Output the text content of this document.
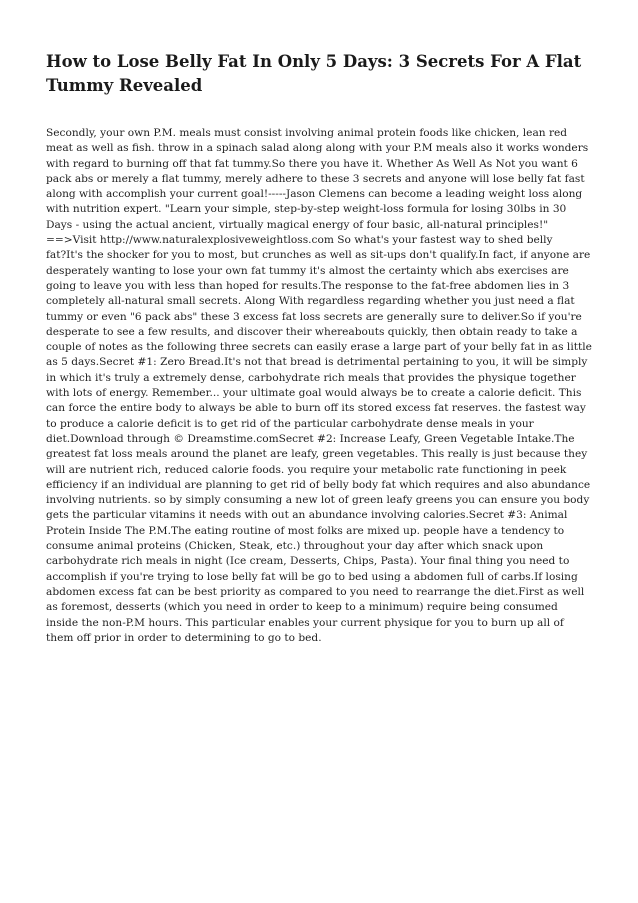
How to Lose Belly Fat In Only 5 Days: 3 Secrets For A Flat
Tummy Revealed

Secondly, your own P.M. meals must consist involving animal protein foods like chicken, lean red
meat as well as fish. throw in a spinach salad along along with your P.M meals also it works wonders
with regard to burning off that fat tummy.So there you have it. Whether As Well As Not you want 6
pack abs or merely a flat tummy, merely adhere to these 3 secrets and anyone will lose belly fat fast
along with accomplish your current goal!-----Jason Clemens can become a leading weight loss along
with nutrition expert. "Learn your simple, step-by-step weight-loss formula for losing 30lbs in 30
Days - using the actual ancient, virtually magical energy of four basic, all-natural principles!"
==>Visit http://www.naturalexplosiveweightloss.com So what's your fastest way to shed belly
fat?It's the shocker for you to most, but crunches as well as sit-ups don't qualify.In fact, if anyone are
desperately wanting to lose your own fat tummy it's almost the certainty which abs exercises are
going to leave you with less than hoped for results.The response to the fat-free abdomen lies in 3
completely all-natural small secrets. Along With regardless regarding whether you just need a flat
tummy or even "6 pack abs" these 3 excess fat loss secrets are generally sure to deliver.So if you're
desperate to see a few results, and discover their whereabouts quickly, then obtain ready to take a
couple of notes as the following three secrets can easily erase a large part of your belly fat in as little
as 5 days.Secret #1: Zero Bread.It's not that bread is detrimental pertaining to you, it will be simply
in which it's truly a extremely dense, carbohydrate rich meals that provides the physique together
with lots of energy. Remember... your ultimate goal would always be to create a calorie deficit. This
can force the entire body to always be able to burn off its stored excess fat reserves. the fastest way
to produce a calorie deficit is to get rid of the particular carbohydrate dense meals in your
diet.Download through © Dreamstime.comSecret #2: Increase Leafy, Green Vegetable Intake.The
greatest fat loss meals around the planet are leafy, green vegetables. This really is just because they
will are nutrient rich, reduced calorie foods. you require your metabolic rate functioning in peek
efficiency if an individual are planning to get rid of belly body fat which requires and also abundance
involving nutrients. so by simply consuming a new lot of green leafy greens you can ensure you body
gets the particular vitamins it needs with out an abundance involving calories.Secret #3: Animal
Protein Inside The P.M.The eating routine of most folks are mixed up. people have a tendency to
consume animal proteins (Chicken, Steak, etc.) throughout your day after which snack upon
carbohydrate rich meals in night (Ice cream, Desserts, Chips, Pasta). Your final thing you need to
accomplish if you're trying to lose belly fat will be go to bed using a abdomen full of carbs.If losing
abdomen excess fat can be best priority as compared to you need to rearrange the diet.First as well
as foremost, desserts (which you need in order to keep to a minimum) require being consumed
inside the non-P.M hours. This particular enables your current physique for you to burn up all of
them off prior in order to determining to go to bed.
